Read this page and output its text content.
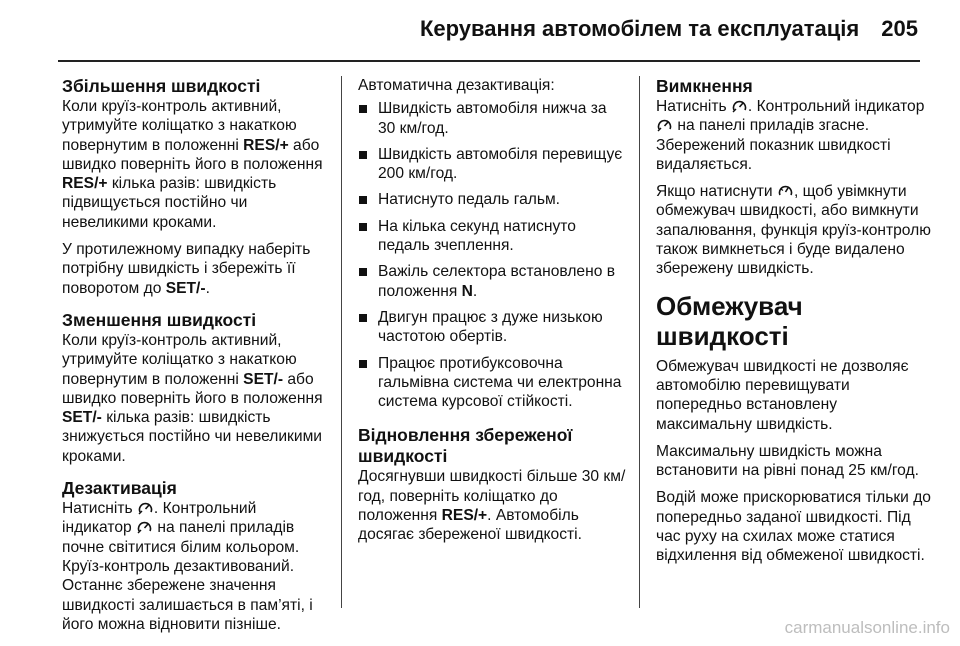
Керування автомобілем та експлуатація 205
Збільшення швидкості

Коли круїз-контроль активний, утримуйте коліщатко з накаткою повернутим в положенні RES/+ або швидко поверніть його в положення RES/+ кілька разів: швидкість підвищується постійно чи невеликими кроками.

У протилежному випадку наберіть потрібну швидкість і збережіть її поворотом до SET/-.

Зменшення швидкості

Коли круїз-контроль активний, утримуйте коліщатко з накаткою повернутим в положенні SET/- або швидко поверніть його в положення SET/- кілька разів: швидкість знижується постійно чи невеликими кроками.

Дезактивація

Натисніть . Контрольний індикатор  на панелі приладів почне світитися білим кольором. Круїз-контроль дезактивований. Останнє збережене значення швидкості залишається в пам’яті, і його можна відновити пізніше.

Автоматична дезактивація:

Швидкість автомобіля нижча за 30 км/год.
Швидкість автомобіля перевищує 200 км/год.
Натиснуто педаль гальм.
На кілька секунд натиснуто педаль зчеплення.
Важіль селектора встановлено в положення N.
Двигун працює з дуже низькою частотою обертів.
Працює протибуксовочна гальмівна система чи електронна система курсової стійкості.
Відновлення збереженої швидкості

Досягнувши швидкості більше 30 км/год, поверніть коліщатко до положення RES/+. Автомобіль досягає збереженої швидкості.

Вимкнення

Натисніть . Контрольний індикатор  на панелі приладів згасне. Збережений показник швидкості видаляється.

Якщо натиснути , щоб увімкнути обмежувач швидкості, або вимкнути запалювання, функція круїз-контролю також вимкнеться і буде видалено збережену швидкість.

Обмежувач швидкості

Обмежувач швидкості не дозволяє автомобілю перевищувати попередньо встановлену максимальну швидкість.

Максимальну швидкість можна встановити на рівні понад 25 км/год.

Водій може прискорюватися тільки до попередньо заданої швидкості. Під час руху на схилах може статися відхилення від обмеженої швидкості.

carmanualsonline.info
